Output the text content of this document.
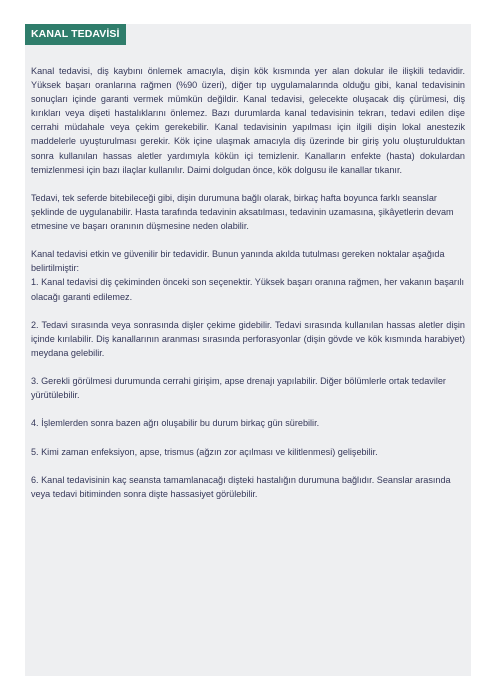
KANAL TEDAVİSİ

Kanal tedavisi, diş kaybını önlemek amacıyla, dişin kök kısmında yer alan dokular ile ilişkili tedavidir. Yüksek başarı oranlarına rağmen (%90 üzeri), diğer tıp uygulamalarında olduğu gibi, kanal tedavisinin sonuçları içinde garanti vermek mümkün değildir. Kanal tedavisi, gelecekte oluşacak diş çürümesi, diş kırıkları veya dişeti hastalıklarını önlemez. Bazı durumlarda kanal tedavisinin tekrarı, tedavi edilen dişe cerrahi müdahale veya çekim gerekebilir. Kanal tedavisinin yapılması için ilgili dişin lokal anestezik maddelerle uyuşturulması gerekir. Kök içine ulaşmak amacıyla diş üzerinde bir giriş yolu oluşturulduktan sonra kullanılan hassas aletler yardımıyla kökün içi temizlenir. Kanalların enfekte (hasta) dokulardan temizlenmesi için bazı ilaçlar kullanılır. Daimi dolgudan önce, kök dolgusu ile kanallar tıkanır.

Tedavi, tek seferde bitebileceği gibi, dişin durumuna bağlı olarak, birkaç hafta boyunca farklı seanslar şeklinde de uygulanabilir. Hasta tarafında tedavinin aksatılması, tedavinin uzamasına, şikâyetlerin devam etmesine ve başarı oranının düşmesine neden olabilir.

Kanal tedavisi etkin ve güvenilir bir tedavidir. Bunun yanında akılda tutulması gereken noktalar aşağıda belirtilmiştir:
1. Kanal tedavisi diş çekiminden önceki son seçenektir. Yüksek başarı oranına rağmen, her vakanın başarılı olacağı garanti edilemez.

2. Tedavi sırasında veya sonrasında dişler çekime gidebilir. Tedavi sırasında kullanılan hassas aletler dişin içinde kırılabilir. Diş kanallarının aranması sırasında perforasyonlar (dişin gövde ve kök kısmında harabiyet) meydana gelebilir.

3. Gerekli görülmesi durumunda cerrahi girişim, apse drenajı yapılabilir. Diğer bölümlerle ortak tedaviler yürütülebilir.

4. İşlemlerden sonra bazen ağrı oluşabilir bu durum birkaç gün sürebilir.

5. Kimi zaman enfeksiyon, apse, trismus (ağzın zor açılması ve kilitlenmesi) gelişebilir.

6. Kanal tedavisinin kaç seansta tamamlanacağı dişteki hastalığın durumuna bağlıdır. Seanslar arasında veya tedavi bitiminden sonra dişte hassasiyet görülebilir.
